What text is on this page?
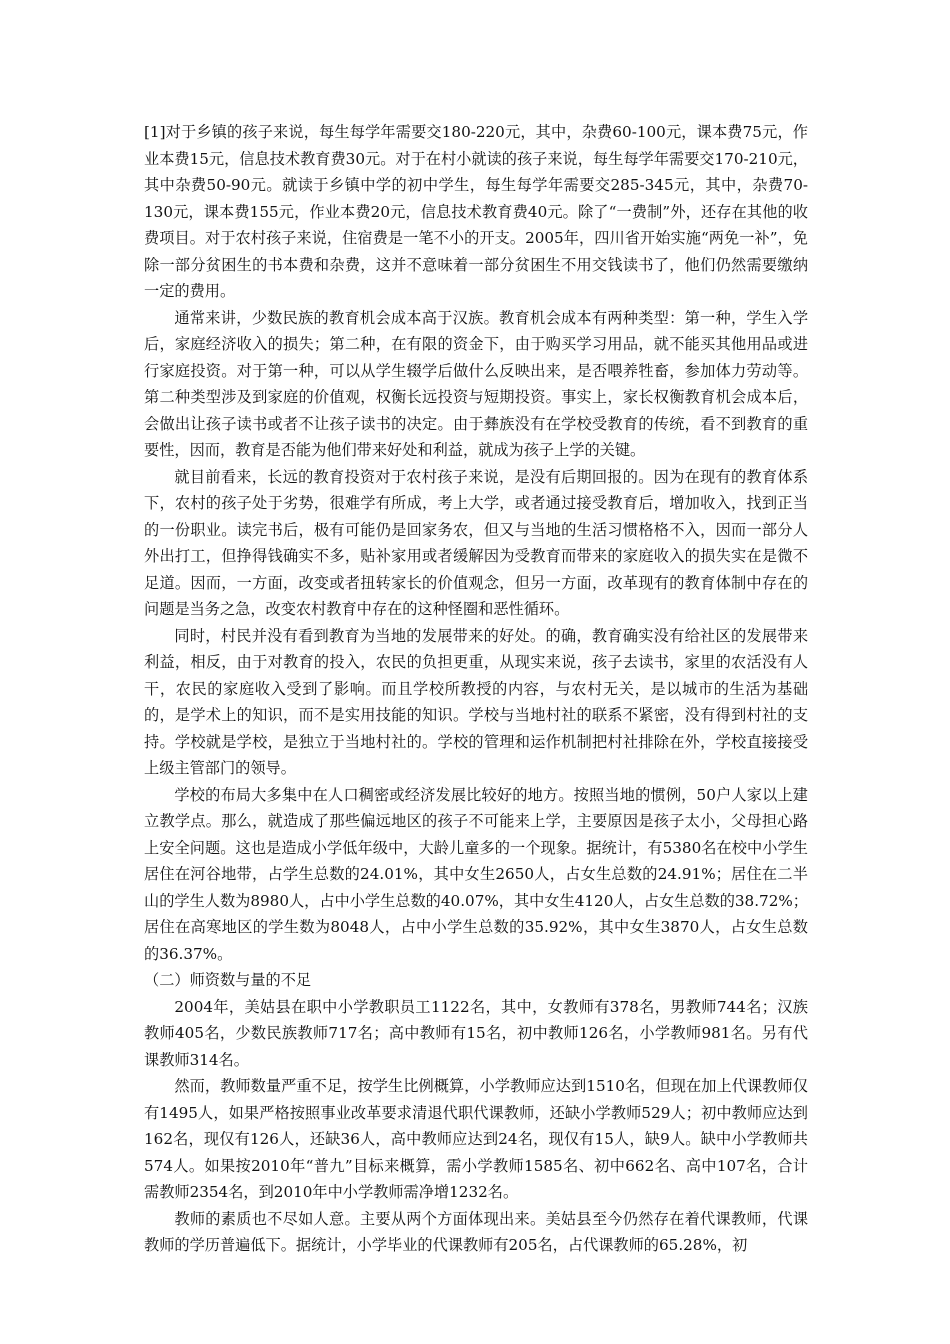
[1]对于乡镇的孩子来说，每生每学年需要交180-220元，其中，杂费60-100元，课本费75元，作业本费15元，信息技术教育费30元。对于在村小就读的孩子来说，每生每学年需要交170-210元，其中杂费50-90元。就读于乡镇中学的初中学生，每生每学年需要交285-345元，其中，杂费70-130元，课本费155元，作业本费20元，信息技术教育费40元。除了“一费制”外，还存在其他的收费项目。对于农村孩子来说，住宿费是一笔不小的开支。2005年，四川省开始实施“两免一补”，免除一部分贫困生的书本费和杂费，这并不意味着一部分贫困生不用交钱读书了，他们仍然需要缴纳一定的费用。

通常来讲，少数民族的教育机会成本高于汉族。教育机会成本有两种类型：第一种，学生入学后，家庭经济收入的损失；第二种，在有限的资金下，由于购买学习用品，就不能买其他用品或进行家庭投资。对于第一种，可以从学生辍学后做什么反映出来，是否喂养牲畜，参加体力劳动等。第二种类型涉及到家庭的价值观，权衡长远投资与短期投资。事实上，家长权衡教育机会成本后，会做出让孩子读书或者不让孩子读书的决定。由于彝族没有在学校受教育的传统，看不到教育的重要性，因而，教育是否能为他们带来好处和利益，就成为孩子上学的关键。

就目前看来，长远的教育投资对于农村孩子来说，是没有后期回报的。因为在现有的教育体系下，农村的孩子处于劣势，很难学有所成，考上大学，或者通过接受教育后，增加收入，找到正当的一份职业。读完书后，极有可能仍是回家务农，但又与当地的生活习惯格格不入，因而一部分人外出打工，但挣得钱确实不多，贴补家用或者缓解因为受教育而带来的家庭收入的损失实在是微不足道。因而，一方面，改变或者扭转家长的价值观念，但另一方面，改革现有的教育体制中存在的问题是当务之急，改变农村教育中存在的这种怪圈和恶性循环。

同时，村民并没有看到教育为当地的发展带来的好处。的确，教育确实没有给社区的发展带来利益，相反，由于对教育的投入，农民的负担更重，从现实来说，孩子去读书，家里的农活没有人干，农民的家庭收入受到了影响。而且学校所教授的内容，与农村无关，是以城市的生活为基础的，是学术上的知识，而不是实用技能的知识。学校与当地村社的联系不紧密，没有得到村社的支持。学校就是学校，是独立于当地村社的。学校的管理和运作机制把村社排除在外，学校直接接受上级主管部门的领导。

学校的布局大多集中在人口稠密或经济发展比较好的地方。按照当地的惯例，50户人家以上建立教学点。那么，就造成了那些偏远地区的孩子不可能来上学，主要原因是孩子太小，父母担心路上安全问题。这也是造成小学低年级中，大龄儿童多的一个现象。据统计，有5380名在校中小学生居住在河谷地带，占学生总数的24.01%，其中女生2650人，占女生总数的24.91%；居住在二半山的学生人数为8980人，占中小学生总数的40.07%，其中女生4120人，占女生总数的38.72%；居住在高寒地区的学生数为8048人，占中小学生总数的35.92%，其中女生3870人，占女生总数的36.37%。

（二）师资数与量的不足

2004年，美姑县在职中小学教职员工1122名，其中，女教师有378名，男教师744名；汉族教师405名，少数民族教师717名；高中教师有15名，初中教师126名，小学教师981名。另有代课教师314名。

然而，教师数量严重不足，按学生比例概算，小学教师应达到1510名，但现在加上代课教师仅有1495人，如果严格按照事业改革要求清退代职代课教师，还缺小学教师529人；初中教师应达到162名，现仅有126人，还缺36人，高中教师应达到24名，现仅有15人，缺9人。缺中小学教师共574人。如果按2010年“普九”目标来概算，需小学教师1585名、初中662名、高中107名，合计需教师2354名，到2010年中小学教师需净增1232名。

教师的素质也不尽如人意。主要从两个方面体现出来。美姑县至今仍然存在着代课教师，代课教师的学历普遍低下。据统计，小学毕业的代课教师有205名，占代课教师的65.28%，初
